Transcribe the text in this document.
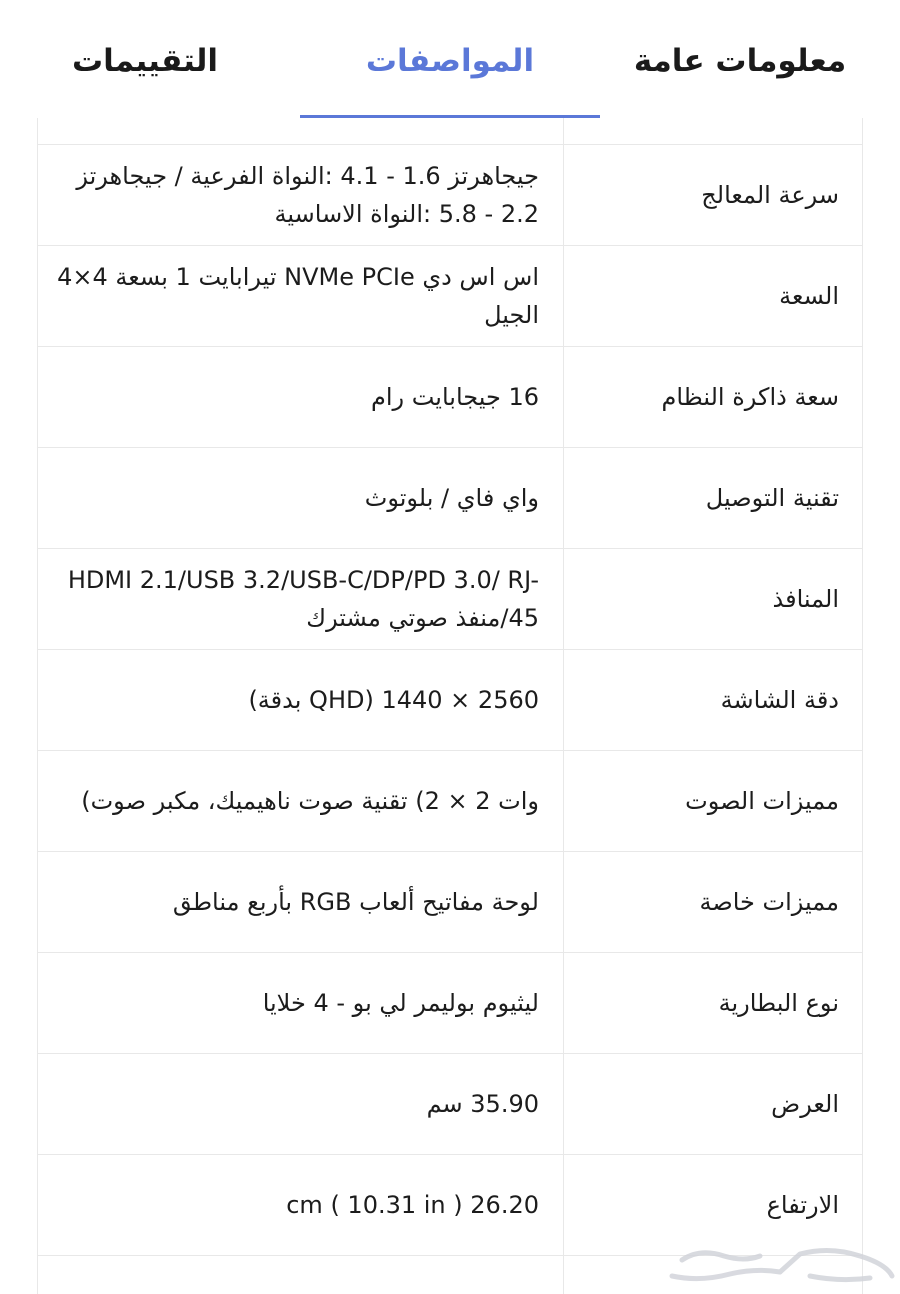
معلومات عامة
المواصفات
التقييمات
سرعة المعالج
جيجاهرتز 1.6 - 4.1 :النواة الفرعية / جيجاهرتز 2.2 - 5.8 :النواة الاساسية
السعة
اس اس دي NVMe PCIe تيرابايت 1 بسعة 4×4 الجيل
سعة ذاكرة النظام
16 جيجابايت رام
تقنية التوصيل
واي فاي / بلوتوث
المنافذ
HDMI 2.1/USB 3.2/USB-C/DP/PD 3.0/ RJ-45/منفذ صوتي مشترك
دقة الشاشة
2560 × 1440 (QHD بدقة)
مميزات الصوت
وات 2 × 2) تقنية صوت ناهيميك، مكبر صوت)
مميزات خاصة
لوحة مفاتيح ألعاب RGB بأربع مناطق
نوع البطارية
ليثيوم بوليمر لي بو - 4 خلايا
العرض
35.90 سم
الارتفاع
26.20 cm ( 10.31 in )
